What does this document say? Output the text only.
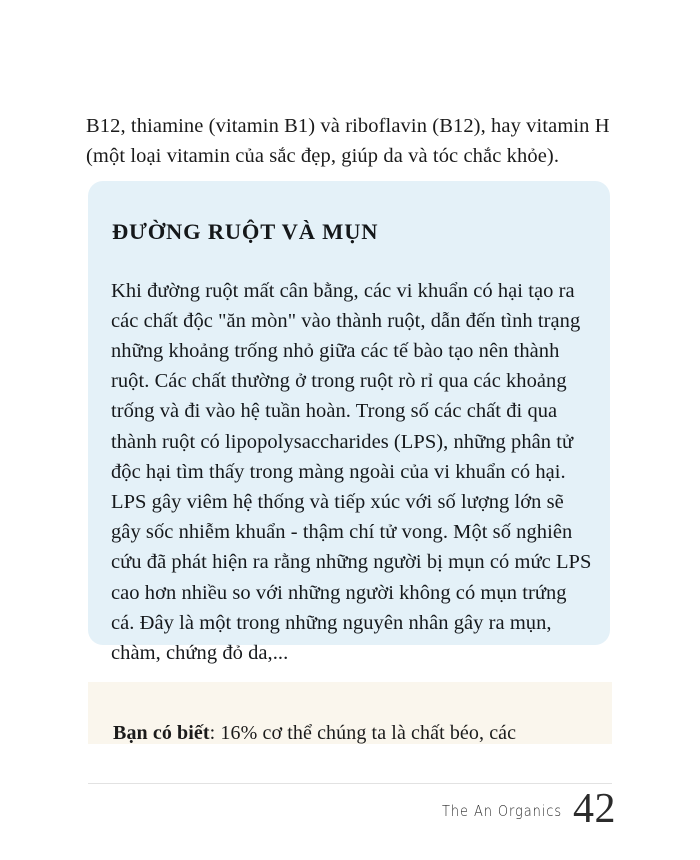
B12, thiamine (vitamin B1) và riboflavin (B12), hay vitamin H (một loại vitamin của sắc đẹp, giúp da và tóc chắc khỏe).

ĐƯỜNG RUỘT VÀ MỤN

Khi đường ruột mất cân bằng, các vi khuẩn có hại tạo ra các chất độc "ăn mòn" vào thành ruột, dẫn đến tình trạng những khoảng trống nhỏ giữa các tế bào tạo nên thành ruột. Các chất thường ở trong ruột rò rỉ qua các khoảng trống và đi vào hệ tuần hoàn. Trong số các chất đi qua thành ruột có lipopolysaccharides (LPS), những phân tử độc hại tìm thấy trong màng ngoài của vi khuẩn có hại. LPS gây viêm hệ thống và tiếp xúc với số lượng lớn sẽ gây sốc nhiễm khuẩn - thậm chí tử vong. Một số nghiên cứu đã phát hiện ra rằng những người bị mụn có mức LPS cao hơn nhiều so với những người không có mụn trứng cá. Đây là một trong những nguyên nhân gây ra mụn, chàm, chứng đỏ da,...

Bạn có biết: 16% cơ thể chúng ta là chất béo, các

The An Organics 42
